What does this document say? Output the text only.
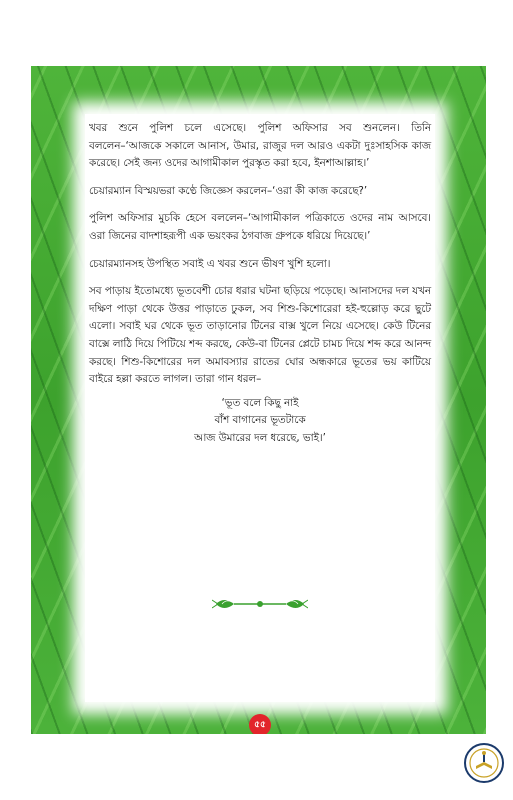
খবর শুনে পুলিশ চলে এসেছে। পুলিশ অফিসার সব শুনলেন। তিনি বললেন–‘আজকে সকালে আনাস, উমার, রাজুর দল আরও একটা দুঃসাহসিক কাজ করেছে। সেই জন্য ওদের আগামীকাল পুরস্কৃত করা হবে, ইনশাআল্লাহ।’

চেয়ারম্যান বিস্ময়ভরা কণ্ঠে জিজ্ঞেস করলেন–‘ওরা কী কাজ করেছে?’

পুলিশ অফিসার মুচকি হেসে বললেন–‘আগামীকাল পত্রিকাতে ওদের নাম আসবে। ওরা জিনের বাদশাহরূপী এক ভয়ংকর ঠগবাজ গ্রুপকে ধরিয়ে দিয়েছে।’

চেয়ারম্যানসহ উপস্থিত সবাই এ খবর শুনে ভীষণ খুশি হলো।

সব পাড়ায় ইতোমধ্যে ভূতবেশী চোর ধরার ঘটনা ছড়িয়ে পড়েছে। আনাসদের দল যখন দক্ষিণ পাড়া থেকে উত্তর পাড়াতে ঢুকল, সব শিশু-কিশোরেরা হই-হুল্লোড় করে ছুটে এলো। সবাই ঘর থেকে ভূত তাড়ানোর টিনের বাক্স খুলে নিয়ে এসেছে। কেউ টিনের বাক্সে লাঠি দিয়ে পিটিয়ে শব্দ করছে, কেউ-বা টিনের প্লেটে চামচ দিয়ে শব্দ করে আনন্দ করছে। শিশু-কিশোরের দল অমাবস্যার রাতের ঘোর অন্ধকারে ভূতের ভয় কাটিয়ে বাইরে হল্লা করতে লাগল। তারা গান ধরল–

‘ভূত বলে কিছু নাই
বাঁশ বাগানের ভূতটাকে
আজ উমারের দল ধরেছে, ভাই।’
৫৫
